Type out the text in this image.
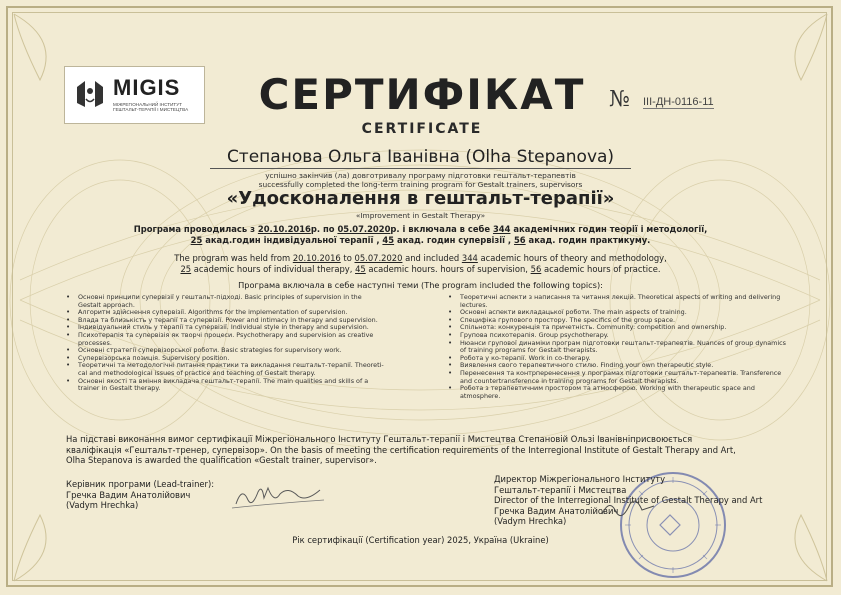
MIGIS
МІЖРЕГІОНАЛЬНИЙ ІНСТИТУТ ГЕШТАЛЬТ-ТЕРАПІЇ І МИСТЕЦТВА	СЕРТИФІКАТ
CERTIFICATE
№ ІІІ-ДН-0116-11
Степанова Ольга Іванівна (Olha Stepanova)
успішно закінчив (ла) довготривалу програму підготовки гештальт-терапевтів
successfully completed the long-term training program for Gestalt trainers, supervisors
«Удосконалення в гештальт-терапії»
«Improvement in Gestalt Therapy»
Програма проводилась з 20.10.2016р. по 05.07.2020р. і включала в себе 344 академічних годин теорії і методології,
25 акад.годин індивідуальної терапії , 45 акад. годин супервізії , 56 акад. годин практикуму.
The program was held from 20.10.2016 to 05.07.2020 and included 344 academic hours of theory and methodology,
25 academic hours of individual therapy, 45 academic hours. hours of supervision, 56 academic hours of practice.
Програма включала в себе наступні теми (The program included the following topics):
• Основні принципи супервізії у гештальт-підході. Basic principles of supervision in the Gestalt approach.
• Алгоритм здійснення супервізії. Algorithms for the implementation of supervision.
• Влада та близькість у терапії та супервізії. Power and intimacy in therapy and supervision.
• Індивідуальний стиль у терапії та супервізії. Individual style in therapy and supervision.
• Психотерапія та супервізія як творчі процеси. Psychotherapy and supervision as creative processes.
• Основні стратегії супервізорської роботи. Basic strategies for supervisory work.
• Супервізорська позиція. Supervisory position.
• Теоретичні та методологічні питання практики та викладання гештальт-терапії. Theoreti-cal and methodological issues of practice and teaching of Gestalt therapy.
• Основні якості та вміння викладача гештальт-терапії. The main qualities and skills of a trainer in Gestalt therapy.
• Теоретичні аспекти з написання та читання лекцій. Theoretical aspects of writing and delivering lectures.
• Основні аспекти викладацької роботи. The main aspects of training.
• Специфіка групового простору. The specifics of the group space.
• Спільнота: конкуренція та причетність. Community: competition and ownership.
• Групова психотерапія. Group psychotherapy.
• Нюанси групової динаміки програм підготовки гештальт-терапевтів. Nuances of group dynamics of training programs for Gestalt therapists.
• Робота у ко-терапії. Work in co-therapy.
• Виявлення свого терапевтичного стилю. Finding your own therapeutic style.
• Перенесення та контрперенесення у програмах підготовки гештальт-терапевтів. Transference and countertransference in training programs for Gestalt therapists.
• Робота з терапевтичним простором та атмосферою. Working with therapeutic space and atmosphere.
На підставі виконання вимог сертифікації Міжрегіонального Інституту Гештальт-терапії і Мистецтва Степановій Ользі Іванівніприсвоюється
кваліфікація «Гештальт-тренер, супервізор». On the basis of meeting the certification requirements of the Interregional Institute of Gestalt Therapy and Art,
Olha Stepanova is awarded the qualification «Gestalt trainer, supervisor».
Керівник програми (Lead-trainer):
Гречка Вадим Анатолійович
(Vadym Hrechka)
Директор Міжрегіонального Інституту
Гештальт-терапії і Мистецтва
Director of the Interregional Institute of Gestalt Therapy and Art
Гречка Вадим Анатолійович
(Vadym Hrechka)
Рік сертифікації (Certification year) 2025, Україна (Ukraine)
